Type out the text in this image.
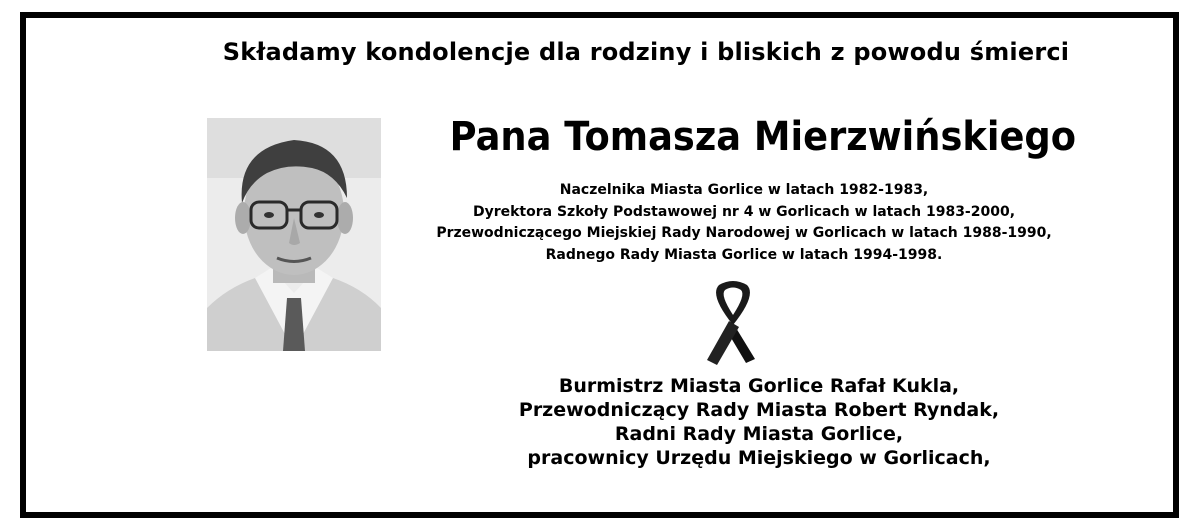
Składamy kondolencje dla rodziny i bliskich z powodu śmierci
Pana Tomasza Mierzwińskiego
Naczelnika Miasta Gorlice w latach 1982-1983,
Dyrektora Szkoły Podstawowej nr 4 w Gorlicach w latach 1983-2000,
Przewodniczącego Miejskiej Rady Narodowej w Gorlicach w latach 1988-1990,
Radnego Rady Miasta Gorlice w latach 1994-1998.
Burmistrz Miasta Gorlice Rafał Kukla,
Przewodniczący Rady Miasta Robert Ryndak,
Radni Rady Miasta Gorlice,
pracownicy Urzędu Miejskiego w Gorlicach,
